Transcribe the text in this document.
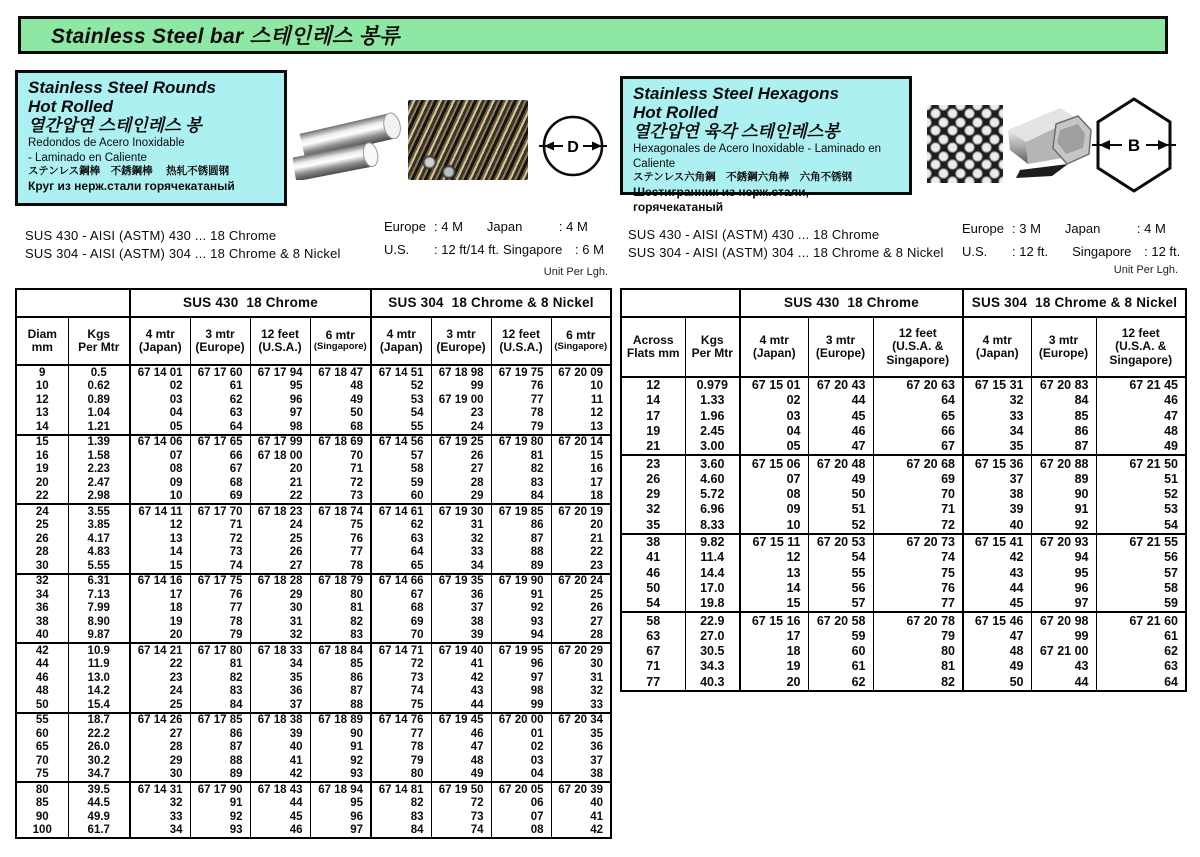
Stainless Steel bar 스테인레스 봉류
Stainless Steel Rounds
Hot Rolled
열간압연 스테인레스 봉
Redondos de Acero Inoxidable
- Laminado en Caliente
ステンレス鋼棒　不銹鋼棒　 热轧不锈圆钢
Круг из нерж.стали горячекатаный
D
Stainless Steel Hexagons
Hot Rolled
열간압연 육각 스테인레스봉
Hexagonales de Acero Inoxidable - Laminado en Caliente
ステンレス六角鋼　不銹鋼六角棒　六角不锈钢
Шестигранник из нерж.стали, горячекатаный
B
SUS 430 - AISI (ASTM) 430 ... 18 Chrome
SUS 304 - AISI (ASTM) 304 ... 18 Chrome & 8 Nickel
Europe : 4 M Japan	: 4 M
U.S. : 12 ft/14 ft. Singapore : 6 M
Unit Per Lgh.
SUS 430 - AISI (ASTM) 430 ... 18 Chrome
SUS 304 - AISI (ASTM) 304 ... 18 Chrome & 8 Nickel
Europe : 3 M Japan	: 4 M
U.S. : 12 ft. Singapore : 12 ft.
Unit Per Lgh.
		SUS 430  18 Chrome				SUS 304  18 Chrome & 8 Nickel			

Diam
mm

Kgs
Per Mtr

4 mtr
(Japan)

3 mtr
(Europe)

12 feet
(U.S.A.)

6 mtr
(Singapore)

4 mtr
(Japan)

3 mtr
(Europe)

12 feet
(U.S.A.)

6 mtr
(Singapore)

9	0.5	67 14 01	67 17 60	67 17 94	67 18 47	67 14 51	67 18 98	67 19 75	67 20 09
10	0.62	02	61	95	48	52	99	76	10
12	0.89	03	62	96	49	53	67 19 00	77	11
13	1.04	04	63	97	50	54	23	78	12
14	1.21	05	64	98	68	55	24	79	13
15	1.39	67 14 06	67 17 65	67 17 99	67 18 69	67 14 56	67 19 25	67 19 80	67 20 14
16	1.58	07	66	67 18 00	70	57	26	81	15
19	2.23	08	67	20	71	58	27	82	16
20	2.47	09	68	21	72	59	28	83	17
22	2.98	10	69	22	73	60	29	84	18
24	3.55	67 14 11	67 17 70	67 18 23	67 18 74	67 14 61	67 19 30	67 19 85	67 20 19
25	3.85	12	71	24	75	62	31	86	20
26	4.17	13	72	25	76	63	32	87	21
28	4.83	14	73	26	77	64	33	88	22
30	5.55	15	74	27	78	65	34	89	23
32	6.31	67 14 16	67 17 75	67 18 28	67 18 79	67 14 66	67 19 35	67 19 90	67 20 24
34	7.13	17	76	29	80	67	36	91	25
36	7.99	18	77	30	81	68	37	92	26
38	8.90	19	78	31	82	69	38	93	27
40	9.87	20	79	32	83	70	39	94	28
42	10.9	67 14 21	67 17 80	67 18 33	67 18 84	67 14 71	67 19 40	67 19 95	67 20 29
44	11.9	22	81	34	85	72	41	96	30
46	13.0	23	82	35	86	73	42	97	31
48	14.2	24	83	36	87	74	43	98	32
50	15.4	25	84	37	88	75	44	99	33
55	18.7	67 14 26	67 17 85	67 18 38	67 18 89	67 14 76	67 19 45	67 20 00	67 20 34
60	22.2	27	86	39	90	77	46	01	35
65	26.0	28	87	40	91	78	47	02	36
70	30.2	29	88	41	92	79	48	03	37
75	34.7	30	89	42	93	80	49	04	38
80	39.5	67 14 31	67 17 90	67 18 43	67 18 94	67 14 81	67 19 50	67 20 05	67 20 39
85	44.5	32	91	44	95	82	72	06	40
90	49.9	33	92	45	96	83	73	07	41
100	61.7	34	93	46	97	84	74	08	42
		SUS 430  18 Chrome			SUS 304  18 Chrome & 8 Nickel		

Across
Flats mm

Kgs
Per Mtr

4 mtr
(Japan)

3 mtr
(Europe)

12 feet
(U.S.A. &
Singapore)

4 mtr
(Japan)

3 mtr
(Europe)

12 feet
(U.S.A. &
Singapore)

12	0.979	67 15 01	67 20 43	67 20 63	67 15 31	67 20 83	67 21 45
14	1.33	02	44	64	32	84	46
17	1.96	03	45	65	33	85	47
19	2.45	04	46	66	34	86	48
21	3.00	05	47	67	35	87	49
23	3.60	67 15 06	67 20 48	67 20 68	67 15 36	67 20 88	67 21 50
26	4.60	07	49	69	37	89	51
29	5.72	08	50	70	38	90	52
32	6.96	09	51	71	39	91	53
35	8.33	10	52	72	40	92	54
38	9.82	67 15 11	67 20 53	67 20 73	67 15 41	67 20 93	67 21 55
41	11.4	12	54	74	42	94	56
46	14.4	13	55	75	43	95	57
50	17.0	14	56	76	44	96	58
54	19.8	15	57	77	45	97	59
58	22.9	67 15 16	67 20 58	67 20 78	67 15 46	67 20 98	67 21 60
63	27.0	17	59	79	47	99	61
67	30.5	18	60	80	48	67 21 00	62
71	34.3	19	61	81	49	43	63
77	40.3	20	62	82	50	44	64
